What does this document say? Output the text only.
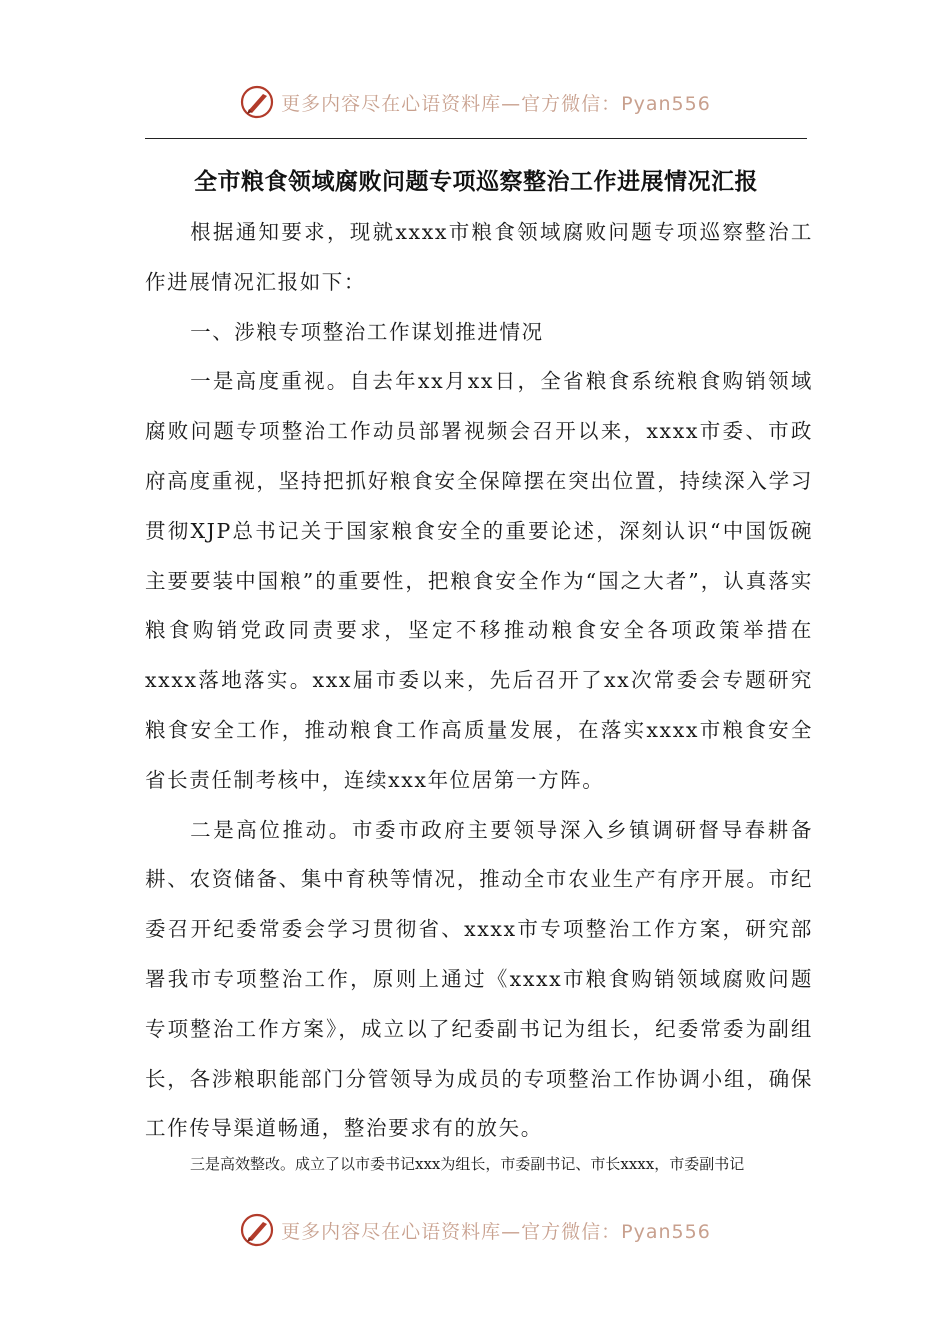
更多内容尽在心语资料库—官方微信：Pyan556
全市粮食领域腐败问题专项巡察整治工作进展情况汇报

根据通知要求，现就xxxx市粮食领域腐败问题专项巡察整治工作进展情况汇报如下：

一、涉粮专项整治工作谋划推进情况

一是高度重视。自去年xx月xx日，全省粮食系统粮食购销领域腐败问题专项整治工作动员部署视频会召开以来，xxxx市委、市政府高度重视，坚持把抓好粮食安全保障摆在突出位置，持续深入学习贯彻XJP总书记关于国家粮食安全的重要论述，深刻认识“中国饭碗主要要装中国粮”的重要性，把粮食安全作为“国之大者”，认真落实粮食购销党政同责要求，坚定不移推动粮食安全各项政策举措在xxxx落地落实。xxx届市委以来，先后召开了xx次常委会专题研究粮食安全工作，推动粮食工作高质量发展，在落实xxxx市粮食安全省长责任制考核中，连续xxx年位居第一方阵。

二是高位推动。市委市政府主要领导深入乡镇调研督导春耕备耕、农资储备、集中育秧等情况，推动全市农业生产有序开展。市纪委召开纪委常委会学习贯彻省、xxxx市专项整治工作方案，研究部署我市专项整治工作，原则上通过《xxxx市粮食购销领域腐败问题专项整治工作方案》，成立以了纪委副书记为组长，纪委常委为副组长，各涉粮职能部门分管领导为成员的专项整治工作协调小组，确保工作传导渠道畅通，整治要求有的放矢。

三是高效整改。成立了以市委书记xxx为组长，市委副书记、市长xxxx，市委副书记
更多内容尽在心语资料库—官方微信：Pyan556
